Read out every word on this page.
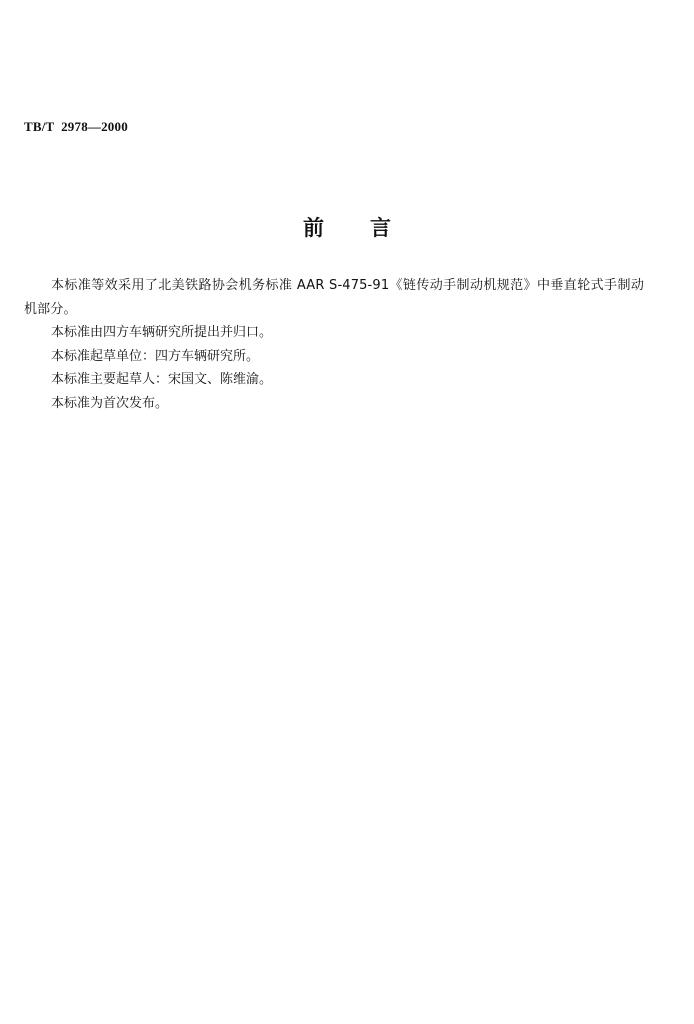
TB/T  2978—2000
前 言

本标准等效采用了北美铁路协会机务标准 AAR S-475-91《链传动手制动机规范》中垂直轮式手制动机部分。

本标准由四方车辆研究所提出并归口。

本标准起草单位：四方车辆研究所。

本标准主要起草人：宋国文、陈维渝。

本标准为首次发布。
